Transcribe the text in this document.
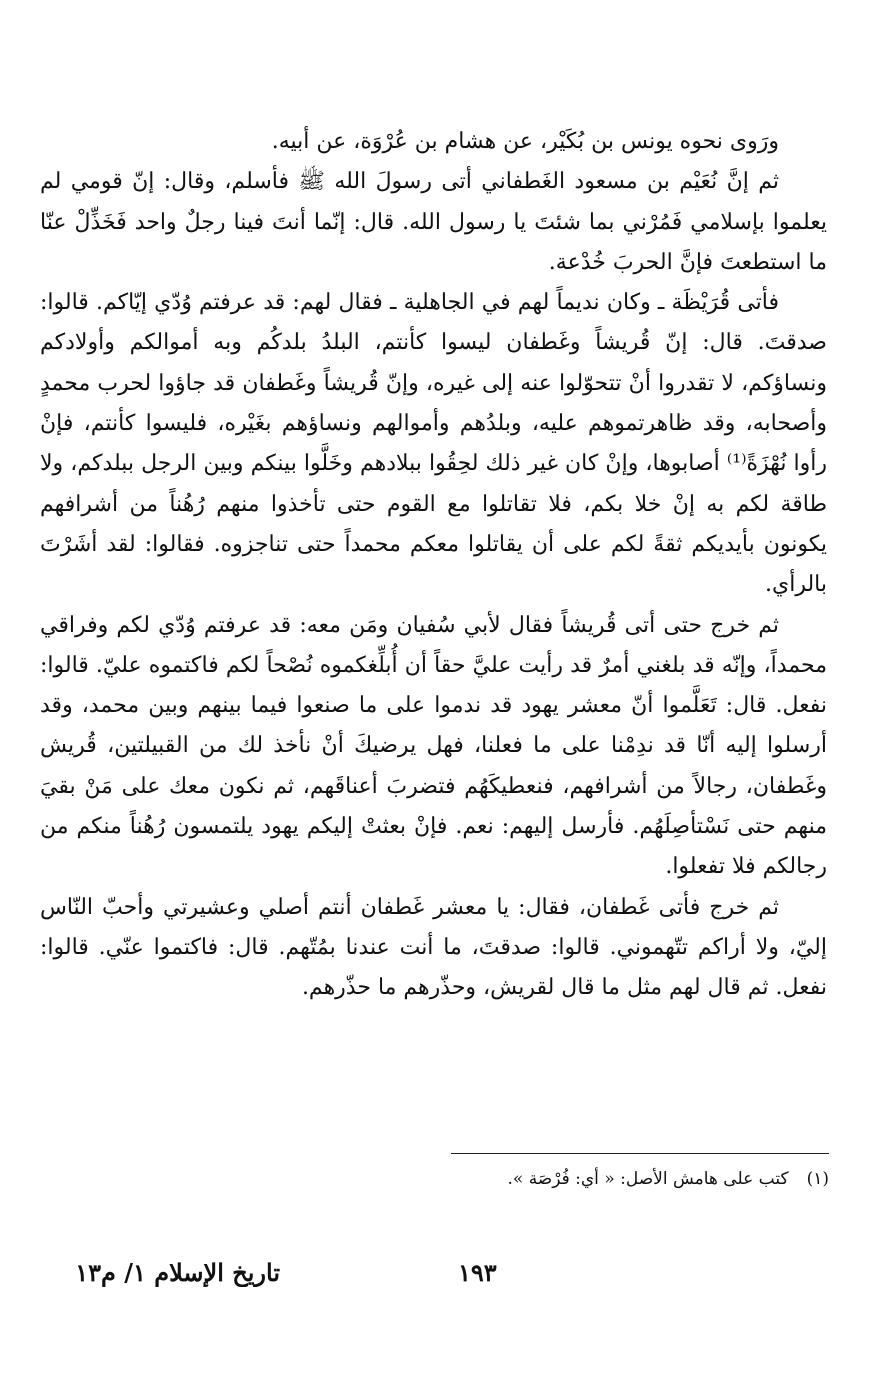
ورَوى نحوه يونس بن بُكَيْر، عن هشام بن عُرْوَة، عن أبيه.

ثم إنَّ نُعَيْم بن مسعود الغَطفاني أتى رسولَ الله ﷺ فأسلم، وقال: إنّ قومي لم يعلموا بإسلامي فَمُرْني بما شئتَ يا رسول الله. قال: إنّما أنتَ فينا رجلٌ واحد فَخَذِّلْ عنّا ما استطعتَ فإنَّ الحربَ خُدْعة.

فأتى قُرَيْظَة ـ وكان نديماً لهم في الجاهلية ـ فقال لهم: قد عرفتم وُدّي إيّاكم. قالوا: صدقتَ. قال: إنّ قُريشاً وغَطفان ليسوا كأنتم، البلدُ بلدكُم وبه أموالكم وأولادكم ونساؤكم، لا تقدروا أنْ تتحوّلوا عنه إلى غيره، وإنّ قُريشاً وغَطفان قد جاؤوا لحرب محمدٍ وأصحابه، وقد ظاهرتموهم عليه، وبلدُهم وأموالهم ونساؤهم بغَيْره، فليسوا كأنتم، فإنْ رأوا نُهْزَةً⁽¹⁾ أصابوها، وإنْ كان غير ذلك لحِقُوا ببلادهم وخَلَّوا بينكم وبين الرجل ببلدكم، ولا طاقة لكم به إنْ خلا بكم، فلا تقاتلوا مع القوم حتى تأخذوا منهم رُهُناً من أشرافهم يكونون بأيديكم ثقةً لكم على أن يقاتلوا معكم محمداً حتى تناجزوه. فقالوا: لقد أشَرْتَ بالرأي.

ثم خرج حتى أتى قُريشاً فقال لأبي سُفيان ومَن معه: قد عرفتم وُدّي لكم وفراقي محمداً، وإنّه قد بلغني أمرٌ قد رأيت عليَّ حقاً أن أُبلِّغكموه نُصْحاً لكم فاكتموه عليّ. قالوا: نفعل. قال: تَعَلَّموا أنّ معشر يهود قد ندموا على ما صنعوا فيما بينهم وبين محمد، وقد أرسلوا إليه أنّا قد ندِمْنا على ما فعلنا، فهل يرضيكَ أنْ نأخذ لك من القبيلتين، قُريش وغَطفان، رجالاً من أشرافهم، فنعطيكَهُم فتضربَ أعناقَهم، ثم نكون معك على مَنْ بقيَ منهم حتى نَسْتأصِلَهُم. فأرسل إليهم: نعم. فإنْ بعثتْ إليكم يهود يلتمسون رُهُناً منكم من رجالكم فلا تفعلوا.

ثم خرج فأتى غَطفان، فقال: يا معشر غَطفان أنتم أصلي وعشيرتي وأحبّ النّاس إليّ، ولا أراكم تتّهموني. قالوا: صدقتَ، ما أنت عندنا بمُتّهم. قال: فاكتموا عنّي. قالوا: نفعل. ثم قال لهم مثل ما قال لقريش، وحذّرهم ما حذّرهم.

(١)
كتب على هامش الأصل: « أي: فُرْصَة ».
١٩٣
تاريخ الإسلام ١/ م١٣
